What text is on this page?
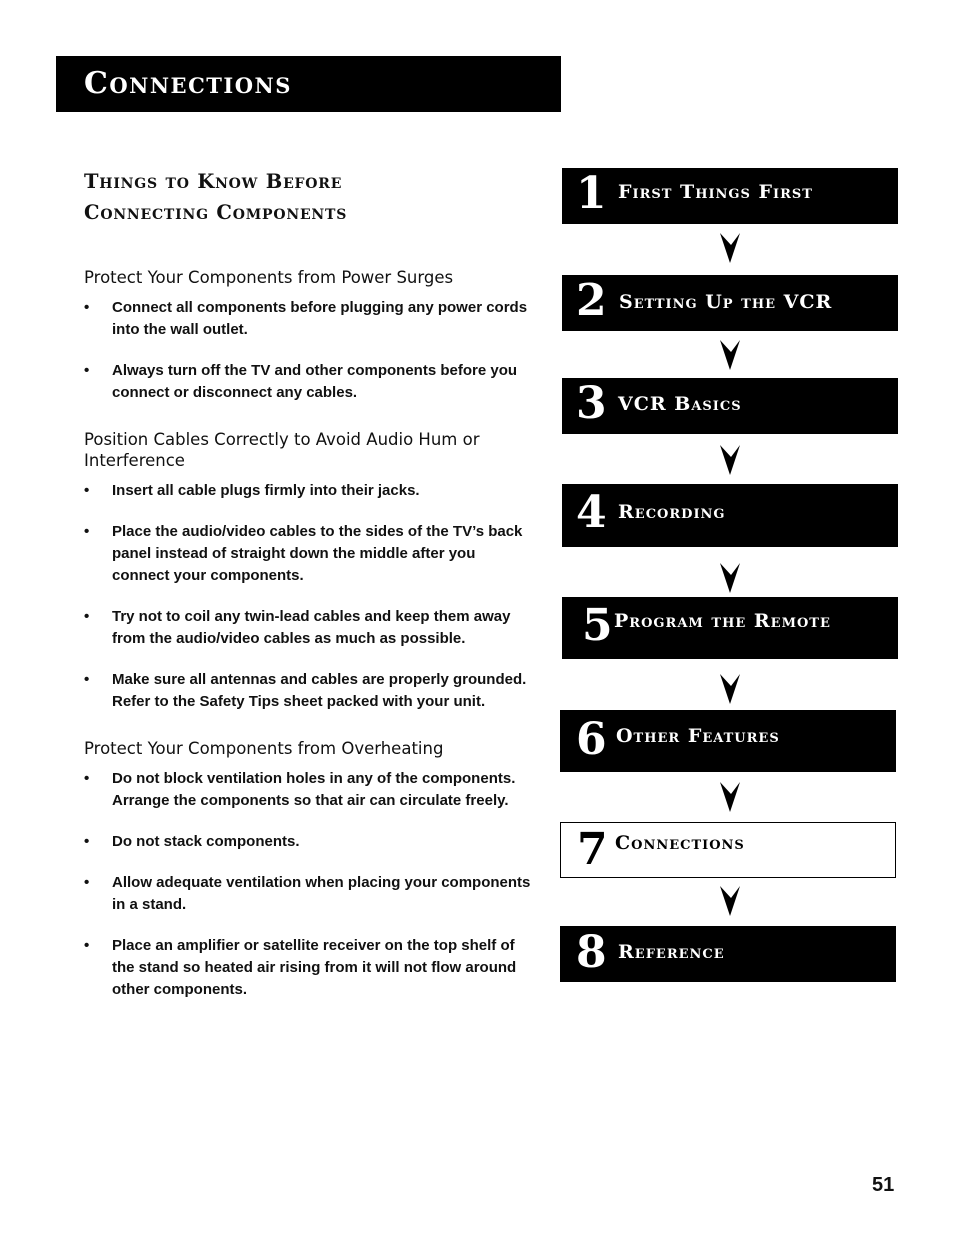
Connections
Things to Know Before
Connecting Components
Protect Your Components from Power Surges
• Connect all components before plugging any power cords into the wall outlet.
• Always turn off the TV and other components before you connect or disconnect any cables.
Position Cables Correctly to Avoid Audio Hum or Interference
• Insert all cable plugs firmly into their jacks.
• Place the audio/video cables to the sides of the TV’s back panel instead of straight down the middle after you connect your components.
• Try not to coil any twin-lead cables and keep them away from the audio/video cables as much as possible.
• Make sure all antennas and cables are properly grounded. Refer to the Safety Tips sheet packed with your unit.
Protect Your Components from Overheating
• Do not block ventilation holes in any of the components. Arrange the components so that air can circulate freely.
• Do not stack components.
• Allow adequate ventilation when placing your components in a stand.
• Place an amplifier or satellite receiver on the top shelf of the stand so heated air rising from it will not flow around other components.
1 First Things First
2 Setting Up the VCR
3 VCR Basics
4 Recording
5 Program the Remote
6 Other Features
7 Connections
8 Reference
51
